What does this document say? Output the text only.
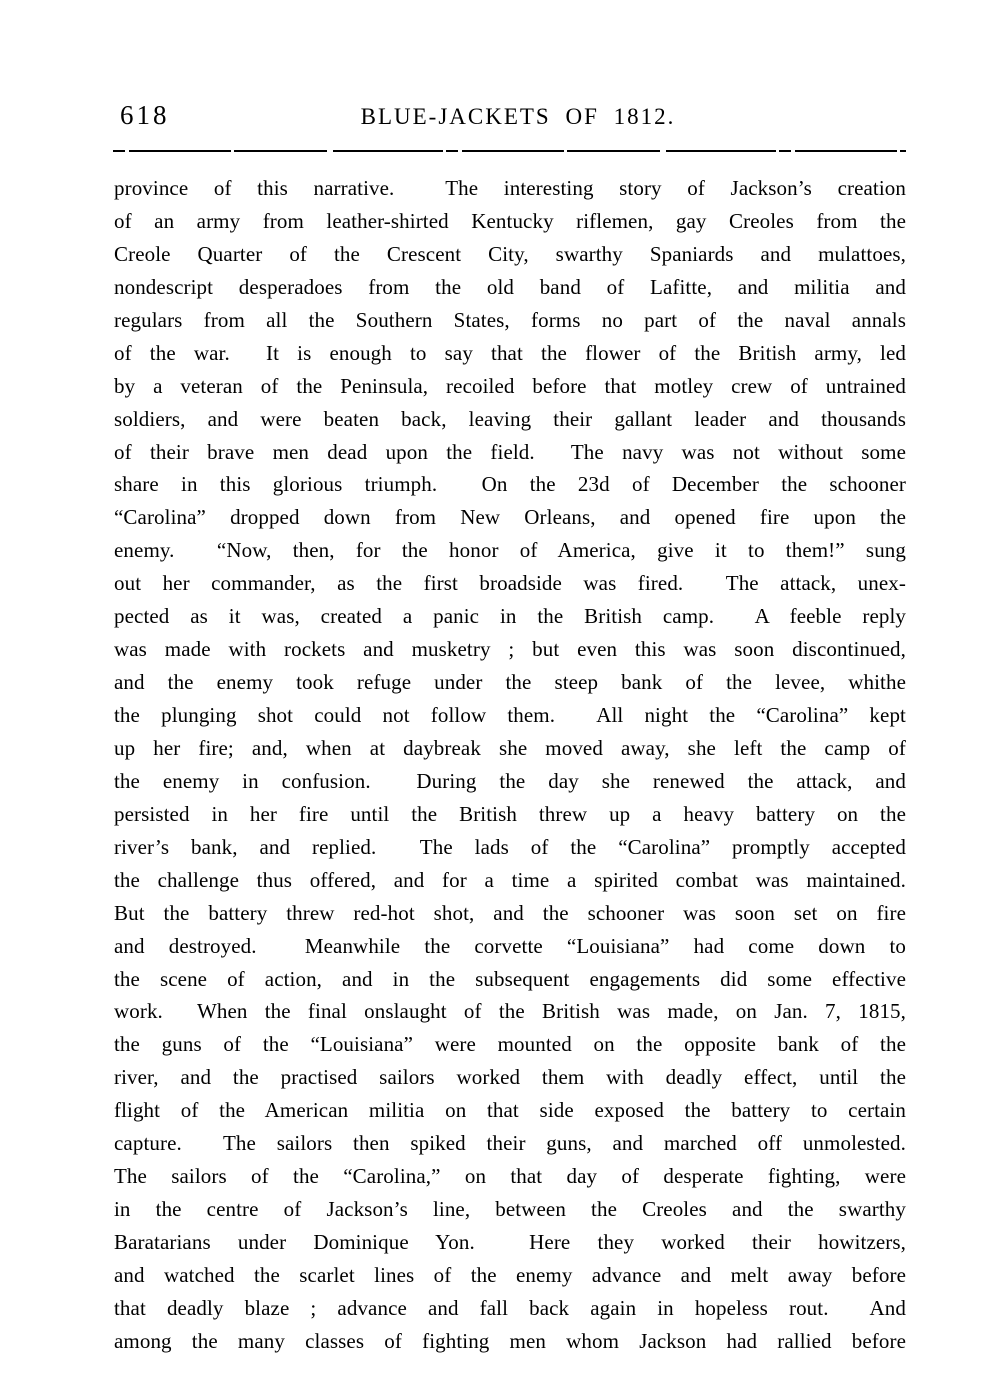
618	BLUE-JACKETS OF 1812.
province of this narrative.  The interesting story of Jackson’s creation
of an army from leather-shirted Kentucky riflemen, gay Creoles from the
Creole Quarter of the Crescent City, swarthy Spaniards and mulattoes,
nondescript desperadoes from the old band of Lafitte, and militia and
regulars from all the Southern States, forms no part of the naval annals
of the war.  It is enough to say that the flower of the British army, led
by a veteran of the Peninsula, recoiled before that motley crew of untrained
soldiers, and were beaten back, leaving their gallant leader and thousands
of their brave men dead upon the field.  The navy was not without some
share in this glorious triumph.  On the 23d of December the schooner
“Carolina” dropped down from New Orleans, and opened fire upon the
enemy.  “Now, then, for the honor of America, give it to them!” sung
out her commander, as the first broadside was fired.  The attack, unex-
pected as it was, created a panic in the British camp.  A feeble reply
was made with rockets and musketry ; but even this was soon discontinued,
and the enemy took refuge under the steep bank of the levee, whithe
the plunging shot could not follow them.  All night the “Carolina” kept
up her fire; and, when at daybreak she moved away, she left the camp of
the enemy in confusion.  During the day she renewed the attack, and
persisted in her fire until the British threw up a heavy battery on the
river’s bank, and replied.  The lads of the “Carolina” promptly accepted
the challenge thus offered, and for a time a spirited combat was maintained.
But the battery threw red-hot shot, and the schooner was soon set on fire
and destroyed.  Meanwhile the corvette “Louisiana” had come down to
the scene of action, and in the subsequent engagements did some effective
work.  When the final onslaught of the British was made, on Jan. 7, 1815,
the guns of the “Louisiana” were mounted on the opposite bank of the
river, and the practised sailors worked them with deadly effect, until the
flight of the American militia on that side exposed the battery to certain
capture.  The sailors then spiked their guns, and marched off unmolested.
The sailors of the “Carolina,” on that day of desperate fighting, were
in the centre of Jackson’s line, between the Creoles and the swarthy
Baratarians under Dominique Yon.  Here they worked their howitzers,
and watched the scarlet lines of the enemy advance and melt away before
that deadly blaze ; advance and fall back again in hopeless rout.  And
among the many classes of fighting men whom Jackson had rallied before
